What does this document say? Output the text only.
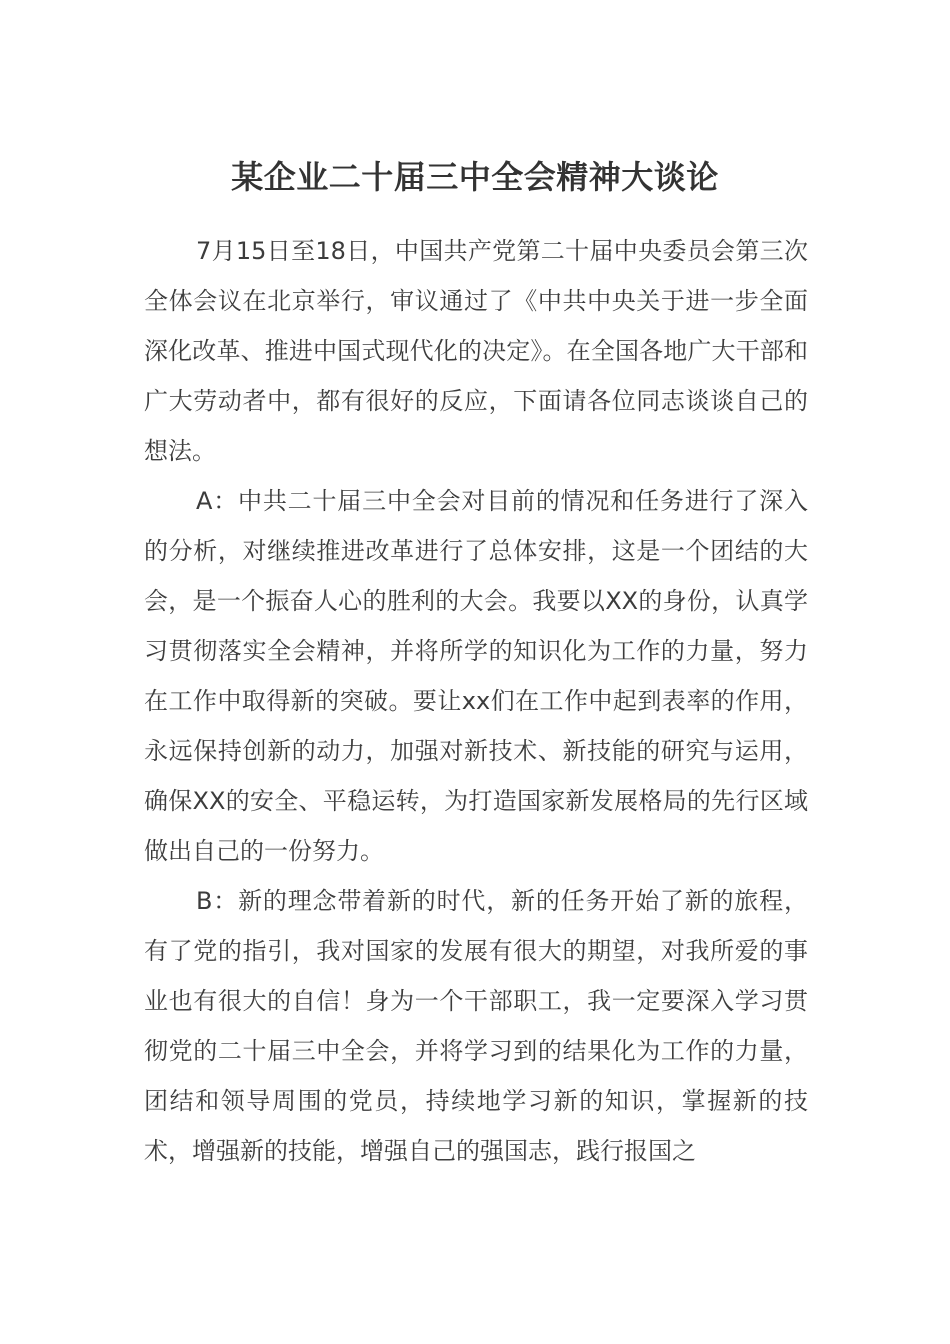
某企业二十届三中全会精神大谈论

7月15日至18日，中国共产党第二十届中央委员会第三次全体会议在北京举行，审议通过了《中共中央关于进一步全面深化改革、推进中国式现代化的决定》。在全国各地广大干部和广大劳动者中，都有很好的反应，下面请各位同志谈谈自己的想法。

A：中共二十届三中全会对目前的情况和任务进行了深入的分析，对继续推进改革进行了总体安排，这是一个团结的大会，是一个振奋人心的胜利的大会。我要以XX的身份，认真学习贯彻落实全会精神，并将所学的知识化为工作的力量，努力在工作中取得新的突破。要让xx们在工作中起到表率的作用，永远保持创新的动力，加强对新技术、新技能的研究与运用，确保XX的安全、平稳运转，为打造国家新发展格局的先行区域做出自己的一份努力。

B：新的理念带着新的时代，新的任务开始了新的旅程，有了党的指引，我对国家的发展有很大的期望，对我所爱的事业也有很大的自信！身为一个干部职工，我一定要深入学习贯彻党的二十届三中全会，并将学习到的结果化为工作的力量，团结和领导周围的党员，持续地学习新的知识，掌握新的技术，增强新的技能，增强自己的强国志，践行报国之
